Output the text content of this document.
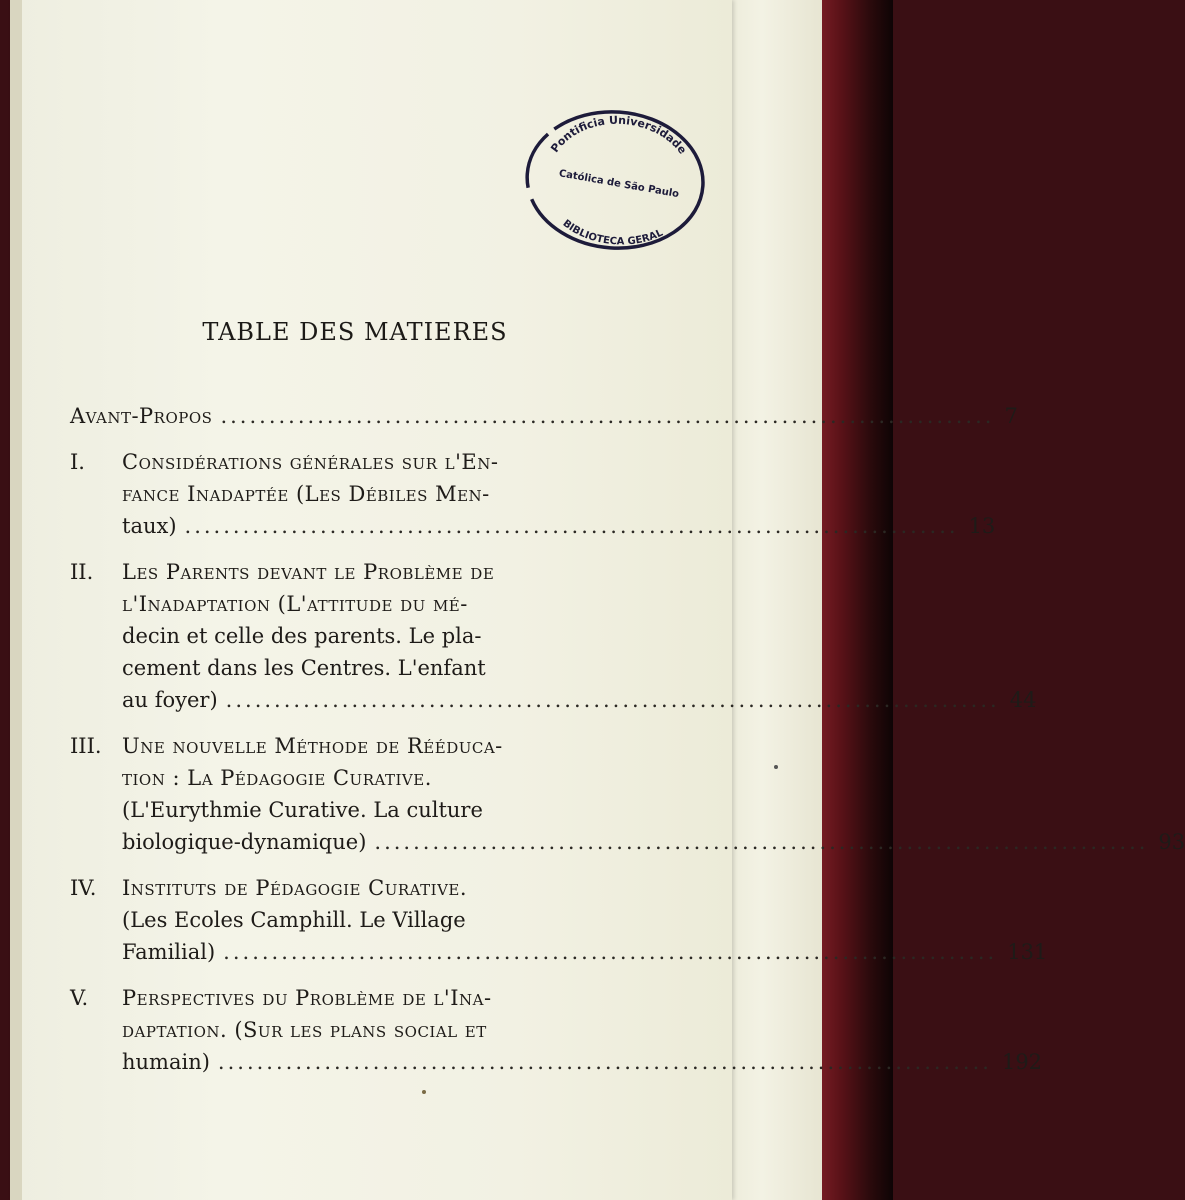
Pontificia Universidade
Católica de São Paulo
BIBLIOTECA GERAL
TABLE DES MATIERES
Avant-Propos ................................................................................ 7
I.	Considérations générales sur l'En-
fance Inadaptée (Les Débiles Men-
taux) ................................................................................ 13
II.	Les Parents devant le Problème de
l'Inadaptation (L'attitude du mé-
decin et celle des parents. Le pla-
cement dans les Centres. L'enfant
au foyer) ................................................................................ 44
III. Une nouvelle Méthode de Rééduca-
tion : La Pédagogie Curative.
(L'Eurythmie Curative. La culture
biologique-dynamique) ................................................................................ 93
IV.	Instituts de Pédagogie Curative.
(Les Ecoles Camphill. Le Village
Familial) ................................................................................ 131
V.	Perspectives du Problème de l'Ina-
daptation. (Sur les plans social et
humain) ................................................................................ 192
